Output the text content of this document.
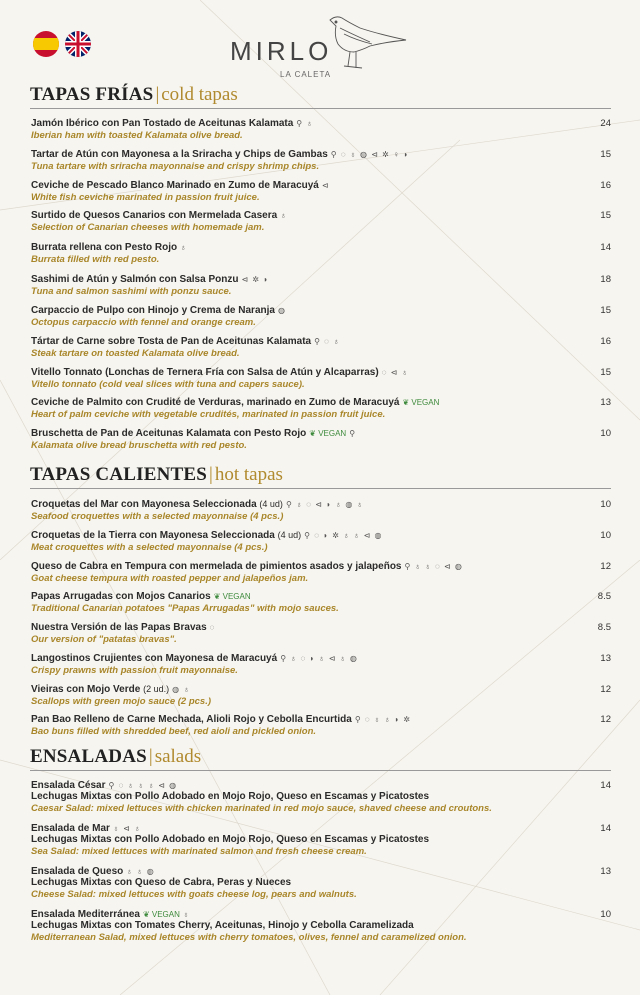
MIRLO
LA CALETA
TAPAS FRÍAS | cold tapas
Jamón Ibérico con Pan Tostado de Aceitunas Kalamata ⚲ ♁
Iberian ham with toasted Kalamata olive bread.
24
Tartar de Atún con Mayonesa a la Sriracha y Chips de Gambas ⚲ ◌ ♁ ◍ ⊲ ✲ ♀ ◗
Tuna tartare with sriracha mayonnaise and crispy shrimp chips.
15
Ceviche de Pescado Blanco Marinado en Zumo de Maracuyá ⊲
White fish ceviche marinated in passion fruit juice.
16
Surtido de Quesos Canarios con Mermelada Casera ♁
Selection of Canarian cheeses with homemade jam.
15
Burrata rellena con Pesto Rojo ♁
Burrata filled with red pesto.
14
Sashimi de Atún y Salmón con Salsa Ponzu ⊲ ✲ ◗
Tuna and salmon sashimi with ponzu sauce.
18
Carpaccio de Pulpo con Hinojo y Crema de Naranja ◍
Octopus carpaccio with fennel and orange cream.
15
Tártar de Carne sobre Tosta de Pan de Aceitunas Kalamata ⚲ ◌ ♁
Steak tartare on toasted Kalamata olive bread.
16
Vitello Tonnato (Lonchas de Ternera Fría con Salsa de Atún y Alcaparras) ◌ ⊲ ♁
Vitello tonnato (cold veal slices with tuna and capers sauce).
15
Ceviche de Palmito con Crudité de Verduras, marinado en Zumo de Maracuyá ❦ VEGAN
Heart of palm ceviche with vegetable crudités, marinated in passion fruit juice.
13
Bruschetta de Pan de Aceitunas Kalamata con Pesto Rojo ❦ VEGAN ⚲
Kalamata olive bread bruschetta with red pesto.
10
TAPAS CALIENTES | hot tapas
Croquetas del Mar con Mayonesa Seleccionada (4 ud) ⚲ ♁ ◌ ⊲ ◗ ♁ ◍ ♁
Seafood croquettes with a selected mayonnaise (4 pcs.)
10
Croquetas de la Tierra con Mayonesa Seleccionada (4 ud) ⚲ ◌ ◗ ✲ ♁ ♁ ⊲ ◍
Meat croquettes with a selected mayonnaise (4 pcs.)
10
Queso de Cabra en Tempura con mermelada de pimientos asados y jalapeños ⚲ ♁ ♁ ◌ ⊲ ◍
Goat cheese tempura with roasted pepper and jalapeños jam.
12
Papas Arrugadas con Mojos Canarios ❦ VEGAN
Traditional Canarian potatoes "Papas Arrugadas" with mojo sauces.
8.5
Nuestra Versión de las Papas Bravas ◌
Our version of "patatas bravas".
8.5
Langostinos Crujientes con Mayonesa de Maracuyá ⚲ ♁ ◌ ◗ ♁ ⊲ ♁ ◍
Crispy prawns with passion fruit mayonnaise.
13
Vieiras con Mojo Verde (2 ud.) ◍ ♁
Scallops with green mojo sauce (2 pcs.)
12
Pan Bao Relleno de Carne Mechada, Alioli Rojo y Cebolla Encurtida ⚲ ◌ ♁ ♁ ◗ ✲
Bao buns filled with shredded beef, red aioli and pickled onion.
12
ENSALADAS | salads
Ensalada César ⚲ ◌ ♁ ♁ ♁ ⊲ ◍
Lechugas Mixtas con Pollo Adobado en Mojo Rojo, Queso en Escamas y Picatostes
Caesar Salad: mixed lettuces with chicken marinated in red mojo sauce, shaved cheese and croutons.
14
Ensalada de Mar ♁ ⊲ ♁
Lechugas Mixtas con Pollo Adobado en Mojo Rojo, Queso en Escamas y Picatostes
Sea Salad: mixed lettuces with marinated salmon and fresh cheese cream.
14
Ensalada de Queso ♁ ♁ ◍
Lechugas Mixtas con Queso de Cabra, Peras y Nueces
Cheese Salad: mixed lettuces with goats cheese log, pears and walnuts.
13
Ensalada Mediterránea ❦ VEGAN ♁
Lechugas Mixtas con Tomates Cherry, Aceitunas, Hinojo y Cebolla Caramelizada
Mediterranean Salad, mixed lettuces with cherry tomatoes, olives, fennel and caramelized onion.
10
